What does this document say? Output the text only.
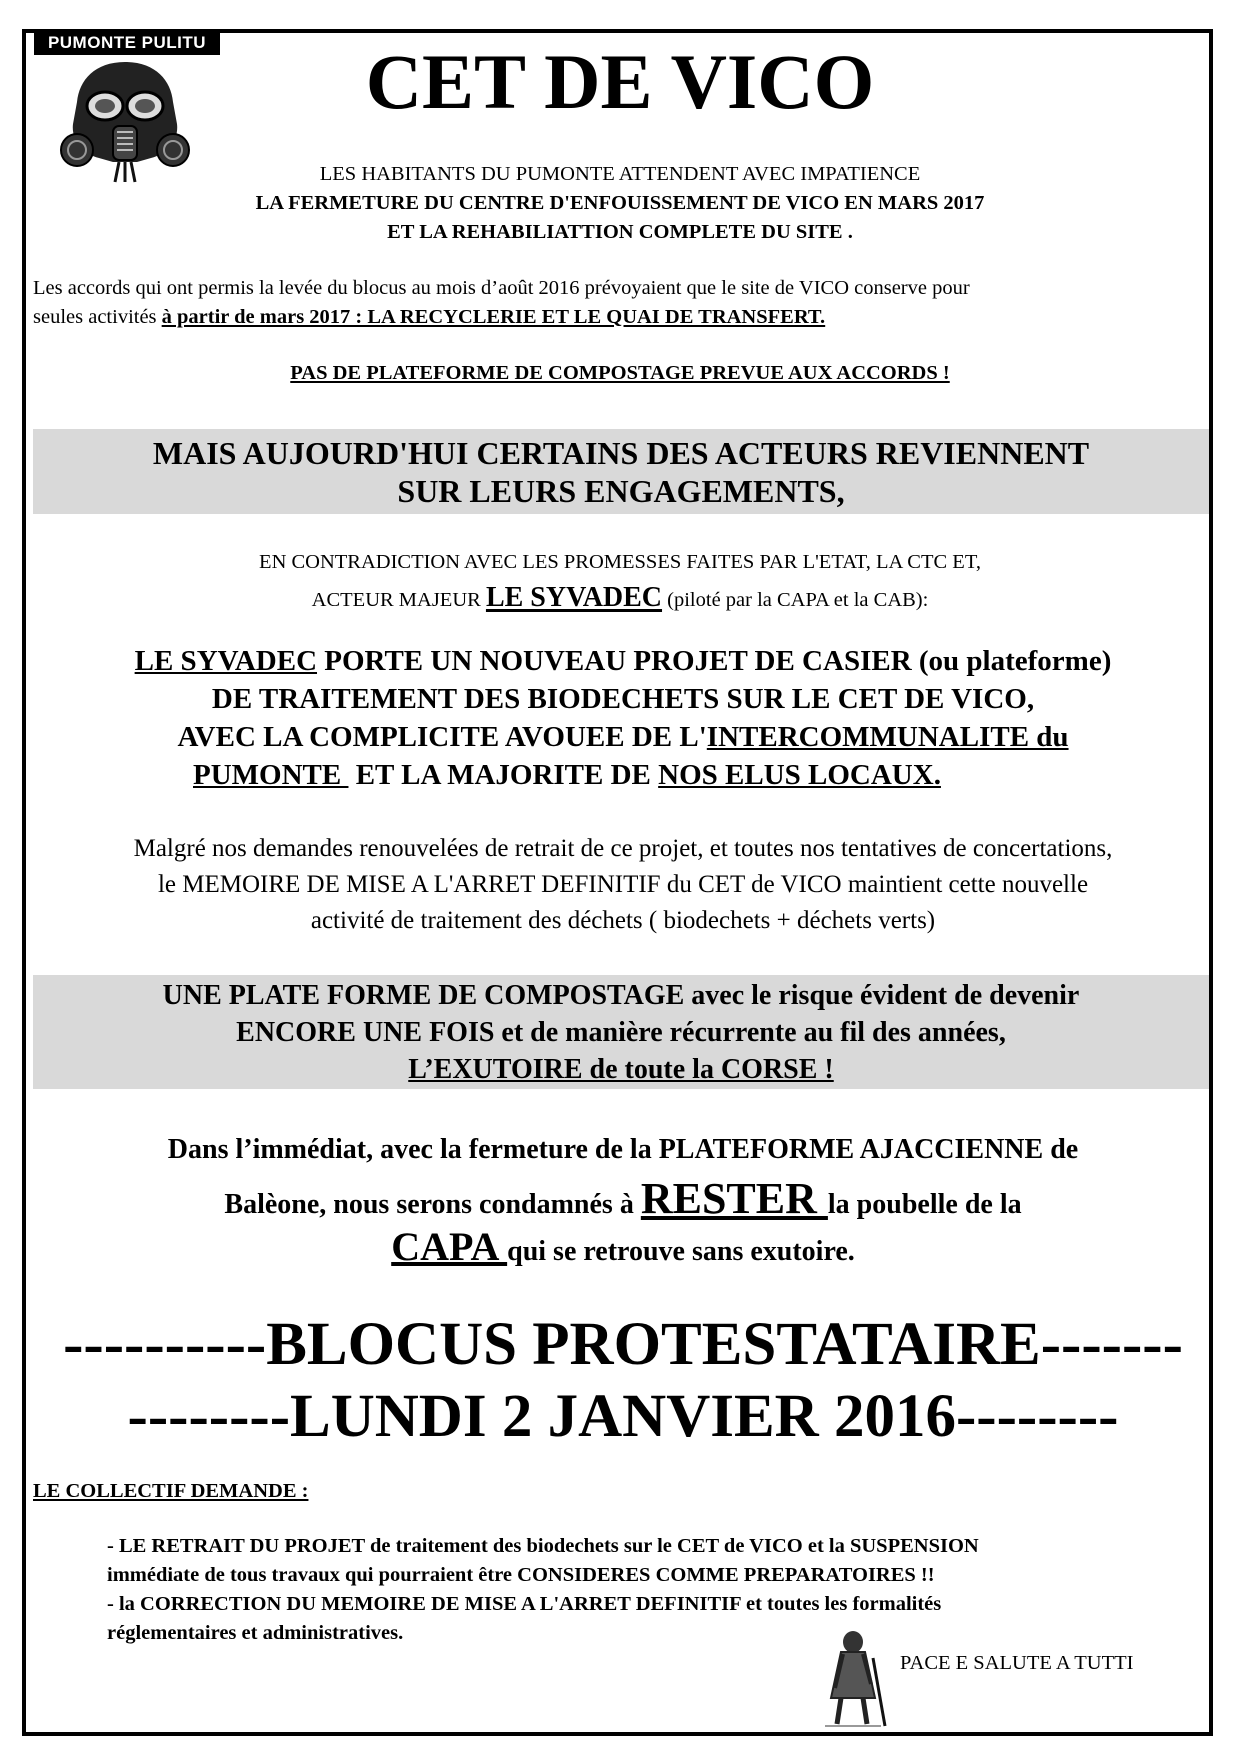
PUMONTE PULITU	CET DE VICO
LES HABITANTS DU PUMONTE ATTENDENT AVEC IMPATIENCE
LA FERMETURE DU CENTRE D'ENFOUISSEMENT DE VICO EN MARS 2017
ET LA REHABILIATTION COMPLETE DU SITE .
Les accords qui ont permis la levée du blocus au mois d’août 2016 prévoyaient que le site de VICO conserve pour
seules activités à partir de mars 2017 : LA RECYCLERIE ET LE QUAI DE TRANSFERT.
PAS DE PLATEFORME DE COMPOSTAGE PREVUE AUX ACCORDS !
MAIS AUJOURD'HUI CERTAINS DES ACTEURS REVIENNENT
SUR LEURS ENGAGEMENTS,
EN CONTRADICTION AVEC LES PROMESSES FAITES PAR L'ETAT, LA CTC ET,
ACTEUR MAJEUR LE SYVADEC (piloté par la CAPA et la CAB):
LE SYVADEC PORTE UN NOUVEAU PROJET DE CASIER (ou plateforme)
DE TRAITEMENT DES BIODECHETS SUR LE CET DE VICO,
AVEC LA COMPLICITE AVOUEE DE L'INTERCOMMUNALITE du
PUMONTE  ET LA MAJORITE DE NOS ELUS LOCAUX.
Malgré nos demandes renouvelées de retrait de ce projet, et toutes nos tentatives de concertations,
le MEMOIRE DE MISE A L'ARRET DEFINITIF du CET de VICO maintient cette nouvelle
activité de traitement des déchets ( biodechets + déchets verts)
UNE PLATE FORME DE COMPOSTAGE avec le risque évident de devenir
ENCORE UNE FOIS et de manière récurrente au fil des années,
L’EXUTOIRE de toute la CORSE !
Dans l’immédiat, avec la fermeture de la PLATEFORME AJACCIENNE de
Balèone, nous serons condamnés à RESTER la poubelle de la
CAPA qui se retrouve sans exutoire.
----------BLOCUS PROTESTATAIRE-------
--------LUNDI 2 JANVIER 2016--------
LE COLLECTIF DEMANDE :
- LE RETRAIT DU PROJET de traitement des biodechets sur le CET de VICO et la SUSPENSION
immédiate de tous travaux qui pourraient être CONSIDERES COMME PREPARATOIRES !!
- la CORRECTION DU MEMOIRE DE MISE A L'ARRET DEFINITIF et toutes les formalités
réglementaires et administratives.
PACE E SALUTE A TUTTI
